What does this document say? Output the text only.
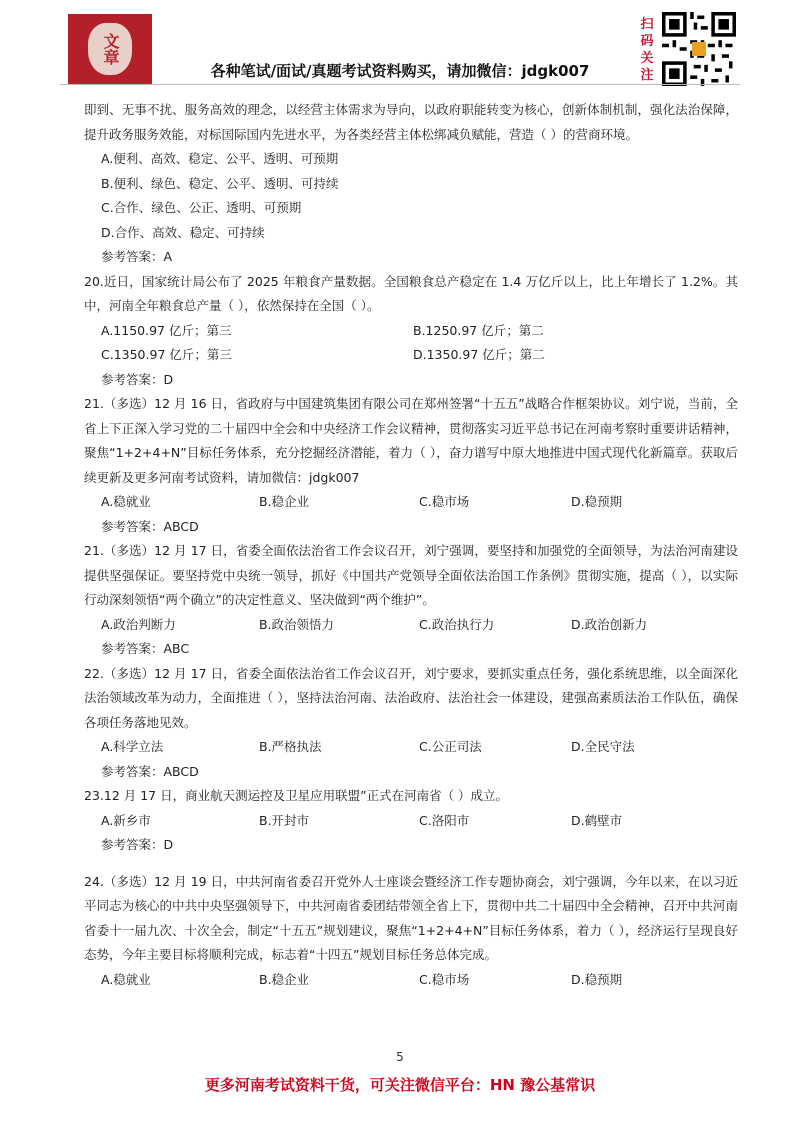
文章
各种笔试/面试/真题考试资料购买，请加微信：jdgk007
扫码关注

即到、无事不扰、服务高效的理念，以经营主体需求为导向，以政府职能转变为核心，创新体制机制，强化法治保障，提升政务服务效能，对标国际国内先进水平，为各类经营主体松绑减负赋能，营造（ ）的营商环境。

A.便利、高效、稳定、公平、透明、可预期

B.便利、绿色、稳定、公平、透明、可持续

C.合作、绿色、公正、透明、可预期

D.合作、高效、稳定、可持续

参考答案：A

20.近日，国家统计局公布了 2025 年粮食产量数据。全国粮食总产稳定在 1.4 万亿斤以上，比上年增长了 1.2%。其中，河南全年粮食总产量（ ），依然保持在全国（ ）。

A.1150.97 亿斤；第三	B.1250.97 亿斤；第二
C.1350.97 亿斤；第三	D.1350.97 亿斤；第二

参考答案：D

21.（多选）12 月 16 日，省政府与中国建筑集团有限公司在郑州签署“十五五”战略合作框架协议。刘宁说，当前，全省上下正深入学习党的二十届四中全会和中央经济工作会议精神，贯彻落实习近平总书记在河南考察时重要讲话精神，聚焦“1+2+4+N”目标任务体系，充分挖掘经济潜能，着力（ ），奋力谱写中原大地推进中国式现代化新篇章。获取后续更新及更多河南考试资料，请加微信：jdgk007

A.稳就业	B.稳企业	C.稳市场	D.稳预期

参考答案：ABCD

21.（多选）12 月 17 日，省委全面依法治省工作会议召开，刘宁强调，要坚持和加强党的全面领导，为法治河南建设提供坚强保证。要坚持党中央统一领导，抓好《中国共产党领导全面依法治国工作条例》贯彻实施，提高（ ），以实际行动深刻领悟“两个确立”的决定性意义、坚决做到“两个维护”。

A.政治判断力	B.政治领悟力	C.政治执行力	D.政治创新力

参考答案：ABC

22.（多选）12 月 17 日，省委全面依法治省工作会议召开，刘宁要求，要抓实重点任务，强化系统思维，以全面深化法治领域改革为动力，全面推进（ ），坚持法治河南、法治政府、法治社会一体建设，建强高素质法治工作队伍，确保各项任务落地见效。

A.科学立法	B.严格执法	C.公正司法	D.全民守法

参考答案：ABCD

23.12 月 17 日，商业航天测运控及卫星应用联盟”正式在河南省（ ）成立。

A.新乡市	B.开封市	C.洛阳市	D.鹤壁市

参考答案：D

24.（多选）12 月 19 日，中共河南省委召开党外人士座谈会暨经济工作专题协商会，刘宁强调，今年以来，在以习近平同志为核心的中共中央坚强领导下，中共河南省委团结带领全省上下，贯彻中共二十届四中全会精神，召开中共河南省委十一届九次、十次全会，制定“十五五”规划建议，聚焦“1+2+4+N”目标任务体系，着力（ ），经济运行呈现良好态势，今年主要目标将顺利完成，标志着“十四五”规划目标任务总体完成。

A.稳就业	B.稳企业	C.稳市场	D.稳预期
5
更多河南考试资料干货，可关注微信平台：HN 豫公基常识
